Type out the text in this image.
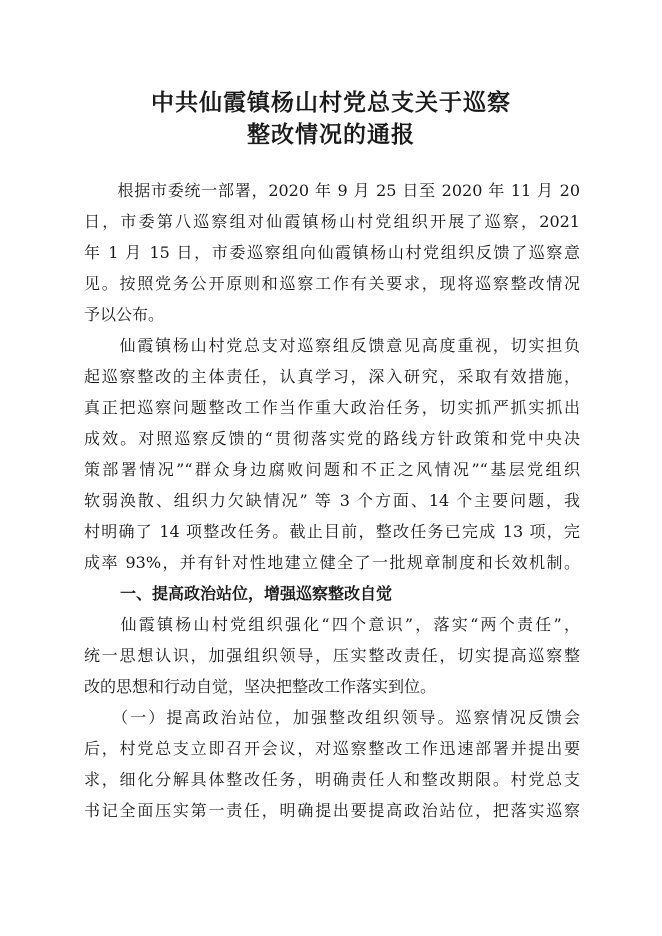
中共仙霞镇杨山村党总支关于巡察
整改情况的通报
　　根据市委统一部署，2020 年 9 月 25 日至 2020 年 11 月 20
日，市委第八巡察组对仙霞镇杨山村党组织开展了巡察，2021
年 1 月 15 日，市委巡察组向仙霞镇杨山村党组织反馈了巡察意
见。按照党务公开原则和巡察工作有关要求，现将巡察整改情况
予以公布。
　　仙霞镇杨山村党总支对巡察组反馈意见高度重视，切实担负
起巡察整改的主体责任，认真学习，深入研究，采取有效措施，
真正把巡察问题整改工作当作重大政治任务，切实抓严抓实抓出
成效。对照巡察反馈的“贯彻落实党的路线方针政策和党中央决
策部署情况”“群众身边腐败问题和不正之风情况”“基层党组织
软弱涣散、组织力欠缺情况” 等 3 个方面、14 个主要问题，我
村明确了 14 项整改任务。截止目前，整改任务已完成 13 项，完
成率 93%，并有针对性地建立健全了一批规章制度和长效机制。
一、提高政治站位，增强巡察整改自觉
　　仙霞镇杨山村党组织强化“四个意识”，落实“两个责任”，
统一思想认识，加强组织领导，压实整改责任，切实提高巡察整
改的思想和行动自觉，坚决把整改工作落实到位。
　　（一）提高政治站位，加强整改组织领导。巡察情况反馈会
后，村党总支立即召开会议，对巡察整改工作迅速部署并提出要
求，细化分解具体整改任务，明确责任人和整改期限。村党总支
书记全面压实第一责任，明确提出要提高政治站位，把落实巡察
